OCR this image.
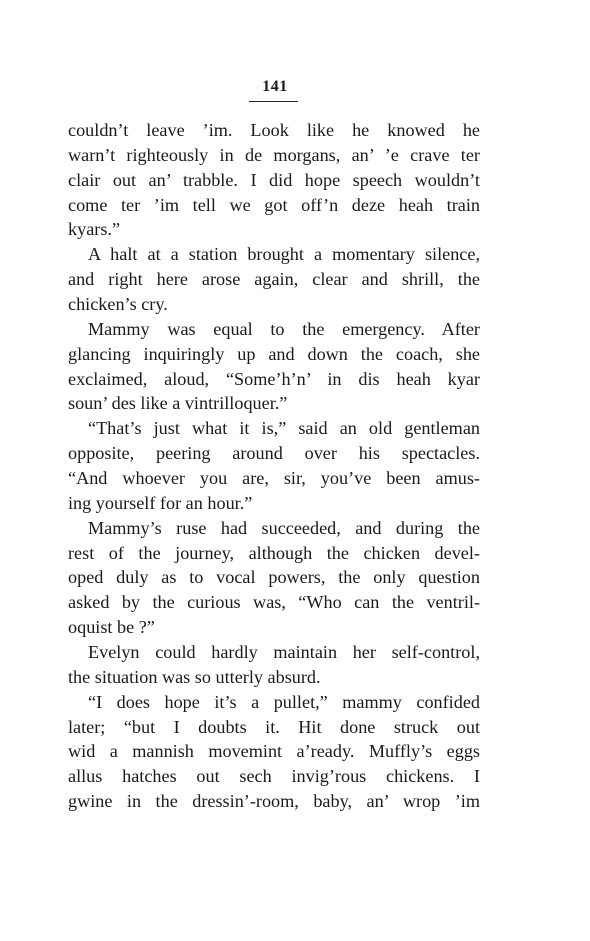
141
couldn’t leave ’im. Look like he knowed he
warn’t righteously in de morgans, an’ ’e crave ter
clair out an’ trabble. I did hope speech wouldn’t
come ter ’im tell we got off’n deze heah train
kyars.”
A halt at a station brought a momentary silence,
and right here arose again, clear and shrill, the
chicken’s cry.
Mammy was equal to the emergency. After
glancing inquiringly up and down the coach, she
exclaimed, aloud, “Some’h’n’ in dis heah kyar
soun’ des like a vintrilloquer.”
“That’s just what it is,” said an old gentleman
opposite, peering around over his spectacles.
“And whoever you are, sir, you’ve been amus-
ing yourself for an hour.”
Mammy’s ruse had succeeded, and during the
rest of the journey, although the chicken devel-
oped duly as to vocal powers, the only question
asked by the curious was, “Who can the ventril-
oquist be ?”
Evelyn could hardly maintain her self-control,
the situation was so utterly absurd.
“I does hope it’s a pullet,” mammy confided
later; “but I doubts it. Hit done struck out
wid a mannish movemint a’ready. Muffly’s eggs
allus hatches out sech invig’rous chickens. I
gwine in the dressin’-room, baby, an’ wrop ’im
